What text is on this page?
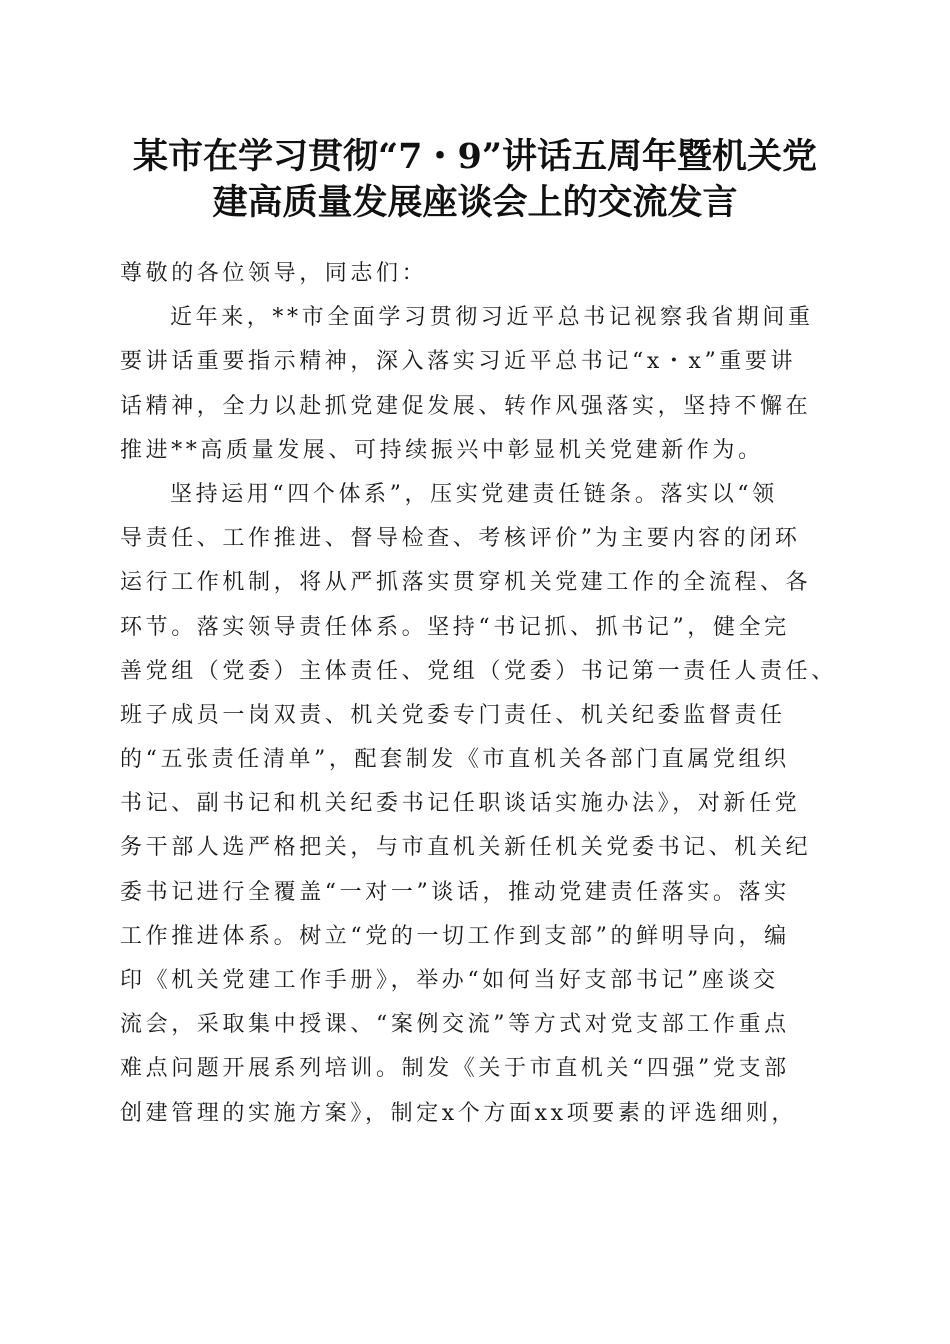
某市在学习贯彻“7・9”讲话五周年暨机关党
建高质量发展座谈会上的交流发言
尊敬的各位领导，同志们：
近年来，**市全面学习贯彻习近平总书记视察我省期间重
要讲话重要指示精神，深入落实习近平总书记“x・x”重要讲
话精神，全力以赴抓党建促发展、转作风强落实，坚持不懈在
推进**高质量发展、可持续振兴中彰显机关党建新作为。
坚持运用“四个体系”，压实党建责任链条。落实以“领
导责任、工作推进、督导检查、考核评价”为主要内容的闭环
运行工作机制，将从严抓落实贯穿机关党建工作的全流程、各
环节。落实领导责任体系。坚持“书记抓、抓书记”，健全完
善党组（党委）主体责任、党组（党委）书记第一责任人责任、
班子成员一岗双责、机关党委专门责任、机关纪委监督责任
的“五张责任清单”，配套制发《市直机关各部门直属党组织
书记、副书记和机关纪委书记任职谈话实施办法》，对新任党
务干部人选严格把关，与市直机关新任机关党委书记、机关纪
委书记进行全覆盖“一对一”谈话，推动党建责任落实。落实
工作推进体系。树立“党的一切工作到支部”的鲜明导向，编
印《机关党建工作手册》，举办“如何当好支部书记”座谈交
流会，采取集中授课、“案例交流”等方式对党支部工作重点
难点问题开展系列培训。制发《关于市直机关“四强”党支部
创建管理的实施方案》，制定x个方面xx项要素的评选细则，
